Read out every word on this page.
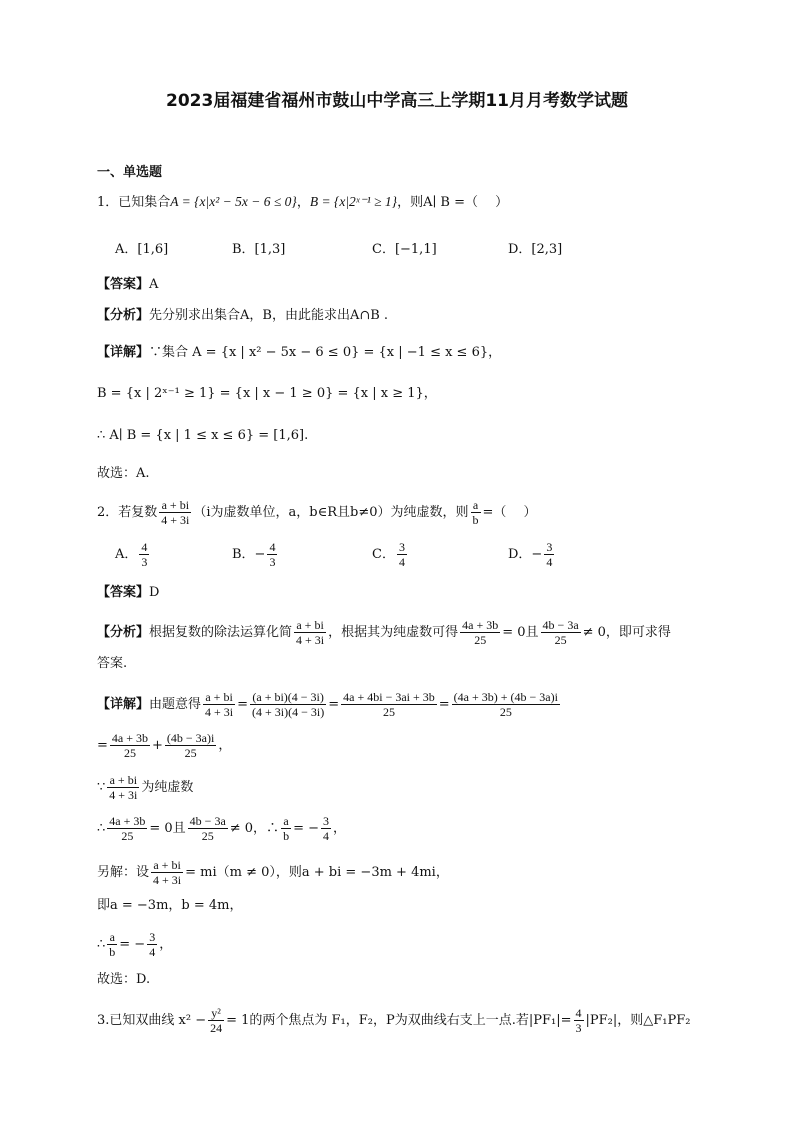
2023届福建省福州市鼓山中学高三上学期11月月考数学试题
一、单选题
1．已知集合A = {x|x² − 5x − 6 ≤ 0}，B = {x|2ˣ⁻¹ ≥ 1}，则A∣ B =（　 ）
A．[1,6]	B．[1,3]	C．[−1,1]	D．[2,3]
【答案】A
【分析】先分别求出集合A，B，由此能求出A∩B .
【详解】∵集合 A = {x | x² − 5x − 6 ≤ 0} = {x | −1 ≤ x ≤ 6}，
B = {x | 2ˣ⁻¹ ≥ 1} = {x | x − 1 ≥ 0} = {x | x ≥ 1}，
∴ A∣ B = {x | 1 ≤ x ≤ 6} = [1,6].
故选：A.
2．若复数 $\frac{a + bi}{4 + 3i} (i$为虚数单位，a，b∈R且b≠0）为纯虚数，则 $\frac{a}{b}$ =（　 ）
A． $\frac{4}{3}$	B．− $\frac{4}{3}$	C． $\frac{3}{4}$	D．− $\frac{3}{4}$
【答案】D
【分析】根据复数的除法运算化简 $\frac{a + bi}{4 + 3i}$ ，根据其为纯虚数可得 $\frac{4a + 3b}{25} = 0$且 $\frac{4b - 3a}{25} \ne 0$，即可求得
答案.
【详解】由题意得 $\frac{a + bi}{4 + 3i} = \frac{(a + bi)(4 - 3i)}{(4 + 3i)(4 - 3i)} = \frac{4a + 4bi - 3ai + 3b}{25} = \frac{(4a + 3b) + (4b - 3a)i}{25}$
= $\frac{4a + 3b}{25} + \frac{(4b - 3a)i}{25}$ ，
∵ $\frac{a + bi}{4 + 3i}$ 为纯虚数
∴ $\frac{4a + 3b}{25} = 0$且 $\frac{4b - 3a}{25} \ne 0$，∴ $\frac{a}{b}$ = − $\frac{3}{4}$ ，
另解：设 $\frac{a + bi}{4 + 3i} = mi(m \ne 0)$，则a + bi = −3m + 4mi，
即a = −3m，b = 4m，
∴ $\frac{a}{b}$ = − $\frac{3}{4}$ ，
故选：D.
3.已知双曲线 $x^2 - \frac{\text{y²}}{24} = 1$的两个焦点为 F₁，F₂，P为双曲线右支上一点.若$|PF_1|= \frac{4}{3} |PF_2|$，则△F₁PF₂
